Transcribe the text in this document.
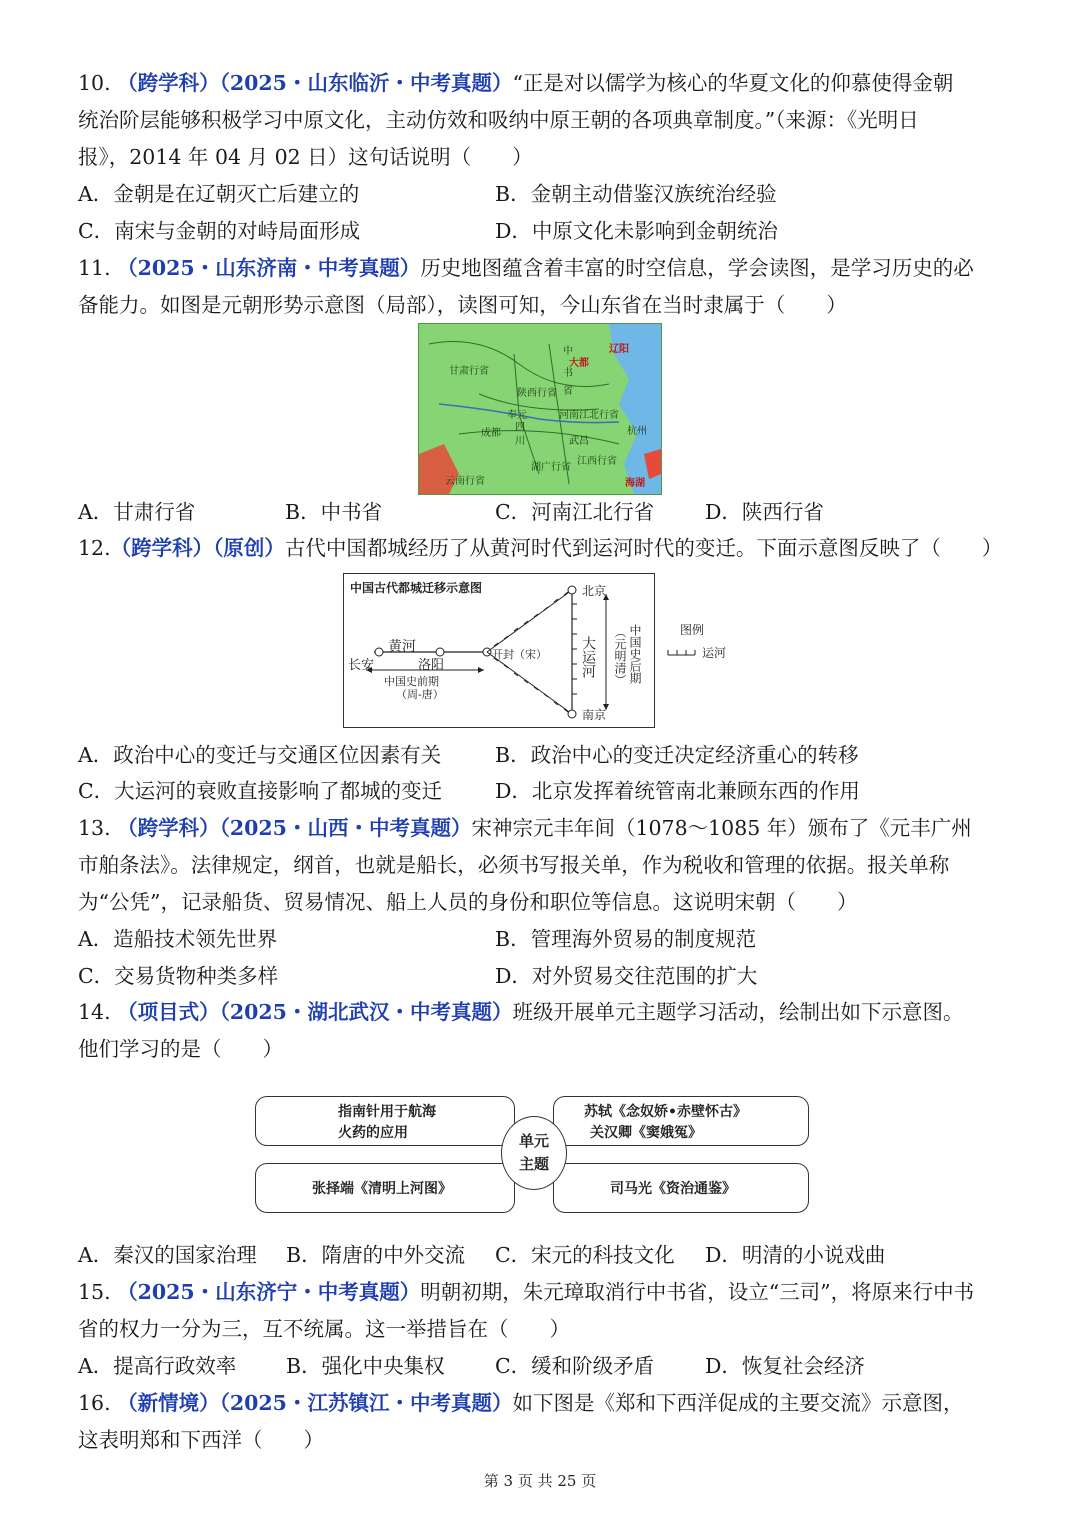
10. （跨学科）（2025・山东临沂・中考真题）“正是对以儒学为核心的华夏文化的仰慕使得金朝
统治阶层能够积极学习中原文化，主动仿效和吸纳中原王朝的各项典章制度。”（来源：《光明日
报》，2014 年 04 月 02 日）这句话说明（　　）
A．金朝是在辽朝灭亡后建立的	B．金朝主动借鉴汉族统治经验
C．南宋与金朝的对峙局面形成	D．中原文化未影响到金朝统治
11. （2025・山东济南・中考真题）历史地图蕴含着丰富的时空信息，学会读图，是学习历史的必
备能力。如图是元朝形势示意图（局部），读图可知，今山东省在当时隶属于（　　）
甘肃行省
中
书
省
大都
辽阳
奉元
成都
四
川
河南江北行省
武昌
杭州
湖广行省
江西行省
云南行省	海湖
陕西行省
A．甘肃行省	B．中书省	C．河南江北行省 D．陕西行省
12.（跨学科）（原创）古代中国都城经历了从黄河时代到运河时代的变迁。下面示意图反映了（　　）
中国古代都城迁移示意图	北京
南京
黄河
长安	洛阳
开封（宋）
中国史前期
（周-唐）
大运河	中国史后期
（元明清）	图例
运河
A．政治中心的变迁与交通区位因素有关	B．政治中心的变迁决定经济重心的转移
C．大运河的衰败直接影响了都城的变迁	D．北京发挥着统管南北兼顾东西的作用
13. （跨学科）（2025・山西・中考真题）宋神宗元丰年间（1078～1085 年）颁布了《元丰广州
市舶条法》。法律规定，纲首，也就是船长，必须书写报关单，作为税收和管理的依据。报关单称
为“公凭”，记录船货、贸易情况、船上人员的身份和职位等信息。这说明宋朝（　　）
A．造船技术领先世界	B．管理海外贸易的制度规范
C．交易货物种类多样	D．对外贸易交往范围的扩大
14. （项目式）（2025・湖北武汉・中考真题）班级开展单元主题学习活动，绘制出如下示意图。
他们学习的是（　　）
指南针用于航海
火药的应用
苏轼《念奴娇•赤壁怀古》
关汉卿《窦娥冤》
张择端《清明上河图》	司马光《资治通鉴》
单元
主题
A．秦汉的国家治理 B．隋唐的中外交流 C．宋元的科技文化 D．明清的小说戏曲
15. （2025・山东济宁・中考真题）明朝初期，朱元璋取消行中书省，设立“三司”，将原来行中书
省的权力一分为三，互不统属。这一举措旨在（　　）
A．提高行政效率 B．强化中央集权 C．缓和阶级矛盾 D．恢复社会经济
16. （新情境）（2025・江苏镇江・中考真题）如下图是《郑和下西洋促成的主要交流》示意图，
这表明郑和下西洋（　　）
第 3 页 共 25 页
